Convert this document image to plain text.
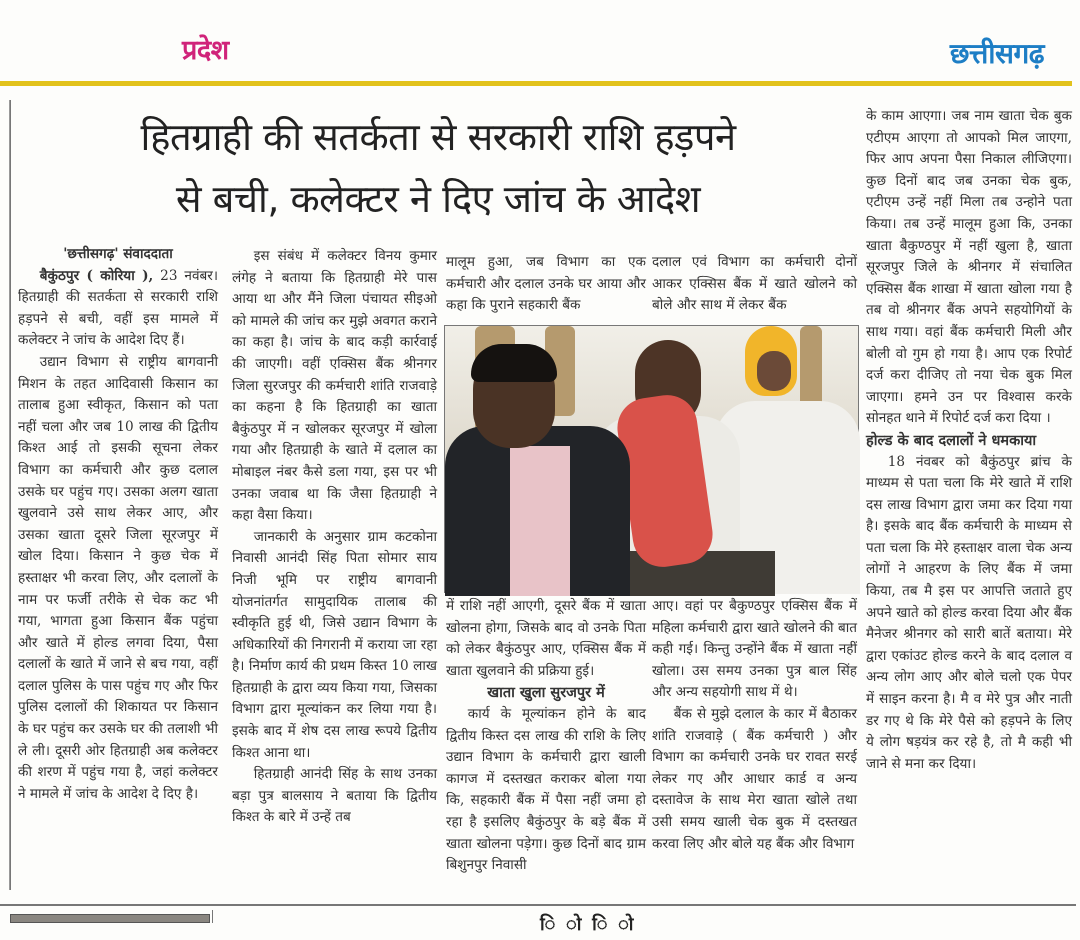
प्रदेश	छत्तीसगढ़
हितग्राही की सतर्कता से सरकारी राशि हड़पने
से बची, कलेक्टर ने दिए जांच के आदेश

'छत्तीसगढ़' संवाददाता

बैकुंठपुर ( कोरिया ), 23 नवंबर। हितग्राही की सतर्कता से सरकारी राशि हड़पने से बची, वहीं इस मामले में कलेक्टर ने जांच के आदेश दिए हैं।

उद्यान विभाग से राष्ट्रीय बागवानी मिशन के तहत आदिवासी किसान का तालाब हुआ स्वीकृत, किसान को पता नहीं चला और जब 10 लाख की द्वितीय किश्त आई तो इसकी सूचना लेकर विभाग का कर्मचारी और कुछ दलाल उसके घर पहुंच गए। उसका अलग खाता खुलवाने उसे साथ लेकर आए, और उसका खाता दूसरे जिला सूरजपुर में खोल दिया। किसान ने कुछ चेक में हस्ताक्षर भी करवा लिए, और दलालों के नाम पर फर्जी तरीके से चेक कट भी गया, भागता हुआ किसान बैंक पहुंचा और खाते में होल्ड लगवा दिया, पैसा दलालों के खाते में जाने से बच गया, वहीं दलाल पुलिस के पास पहुंच गए और फिर पुलिस दलालों की शिकायत पर किसान के घर पहुंच कर उसके घर की तलाशी भी ले ली। दूसरी ओर हितग्राही अब कलेक्टर की शरण में पहुंच गया है, जहां कलेक्टर ने मामले में जांच के आदेश दे दिए है।

इस संबंध में कलेक्टर विनय कुमार लंगेह ने बताया कि हितग्राही मेरे पास आया था और मैंने जिला पंचायत सीइओ को मामले की जांच कर मुझे अवगत कराने का कहा है। जांच के बाद कड़ी कार्रवाई की जाएगी। वहीं एक्सिस बैंक श्रीनगर जिला सुरजपुर की कर्मचारी शांति राजवाड़े का कहना है कि हितग्राही का खाता बैकुंठपुर में न खोलकर सूरजपुर में खोला गया और हितग्राही के खाते में दलाल का मोबाइल नंबर कैसे डला गया, इस पर भी उनका जवाब था कि जैसा हितग्राही ने कहा वैसा किया।

जानकारी के अनुसार ग्राम कटकोना निवासी आनंदी सिंह पिता सोमार साय निजी भूमि पर राष्ट्रीय बागवानी योजनांतर्गत सामुदायिक तालाब की स्वीकृति हुई थी, जिसे उद्यान विभाग के अधिकारियों की निगरानी में कराया जा रहा है। निर्माण कार्य की प्रथम किस्त 10 लाख हितग्राही के द्वारा व्यय किया गया, जिसका विभाग द्वारा मूल्यांकन कर लिया गया है। इसके बाद में शेष दस लाख रूपये द्वितीय किश्त आना था।

हितग्राही आनंदी सिंह के साथ उनका बड़ा पुत्र बालसाय ने बताया कि द्वितीय किश्त के बारे में उन्हें तब

मालूम हुआ, जब विभाग का एक कर्मचारी और दलाल उनके घर आया और कहा कि पुराने सहकारी बैंक

दलाल एवं विभाग का कर्मचारी दोनों आकर एक्सिस बैंक में खाते खोलने को बोले और साथ में लेकर बैंक

में राशि नहीं आएगी, दूसरे बैंक में खाता खोलना होगा, जिसके बाद वो उनके पिता को लेकर बैकुंठपुर आए, एक्सिस बैंक में खाता खुलवाने की प्रक्रिया हुई।

खाता खुला सुरजपुर में

कार्य के मूल्यांकन होने के बाद द्वितीय किस्त दस लाख की राशि के लिए उद्यान विभाग के कर्मचारी द्वारा खाली कागज में दस्तखत कराकर बोला गया कि, सहकारी बैंक में पैसा नहीं जमा हो रहा है इसलिए बैकुंठपुर के बड़े बैंक में खाता खोलना पड़ेगा। कुछ दिनों बाद ग्राम बिशुनपुर निवासी

आए। वहां पर बैकुण्ठपुर एक्सिस बैंक में महिला कर्मचारी द्वारा खाते खोलने की बात कही गई। किन्तु उन्होंने बैंक में खाता नहीं खोला। उस समय उनका पुत्र बाल सिंह और अन्य सहयोगी साथ में थे।

बैंक से मुझे दलाल के कार में बैठाकर शांति राजवाड़े ( बैंक कर्मचारी ) और विभाग का कर्मचारी उनके घर रावत सरई लेकर गए और आधार कार्ड व अन्य दस्तावेज के साथ मेरा खाता खोले तथा उसी समय खाली चेक बुक में दस्तखत करवा लिए और बोले यह बैंक और विभाग

के काम आएगा। जब नाम खाता चेक बुक एटीएम आएगा तो आपको मिल जाएगा, फिर आप अपना पैसा निकाल लीजिएगा। कुछ दिनों बाद जब उनका चेक बुक, एटीएम उन्हें नहीं मिला तब उन्होने पता किया। तब उन्हें मालूम हुआ कि, उनका खाता बैकुण्ठपुर में नहीं खुला है, खाता सूरजपुर जिले के श्रीनगर में संचालित एक्सिस बैंक शाखा में खाता खोला गया है तब वो श्रीनगर बैंक अपने सहयोगियों के साथ गया। वहां बैंक कर्मचारी मिली और बोली वो गुम हो गया है। आप एक रिपोर्ट दर्ज करा दीजिए तो नया चेक बुक मिल जाएगा। हमने उन पर विश्वास करके सोनहत थाने में रिपोर्ट दर्ज करा दिया ।

होल्ड के बाद दलालों ने धमकाया

18 नंवबर को बैकुंठपुर ब्रांच के माध्यम से पता चला कि मेरे खाते में राशि दस लाख विभाग द्वारा जमा कर दिया गया है। इसके बाद बैंक कर्मचारी के माध्यम से पता चला कि मेरे हस्ताक्षर वाला चेक अन्य लोगों ने आहरण के लिए बैंक में जमा किया, तब मै इस पर आपत्ति जताते हुए अपने खाते को होल्ड करवा दिया और बैंक मैनेजर श्रीनगर को सारी बातें बताया। मेरे द्वारा एकांउट होल्ड करने के बाद दलाल व अन्य लोग आए और बोले चलो एक पेपर में साइन करना है। मै व मेरे पुत्र और नाती डर गए थे कि मेरे पैसे को हड़पने के लिए ये लोग षड़यंत्र कर रहे है, तो मै कही भी जाने से मना कर दिया।

ि ो ि ो
